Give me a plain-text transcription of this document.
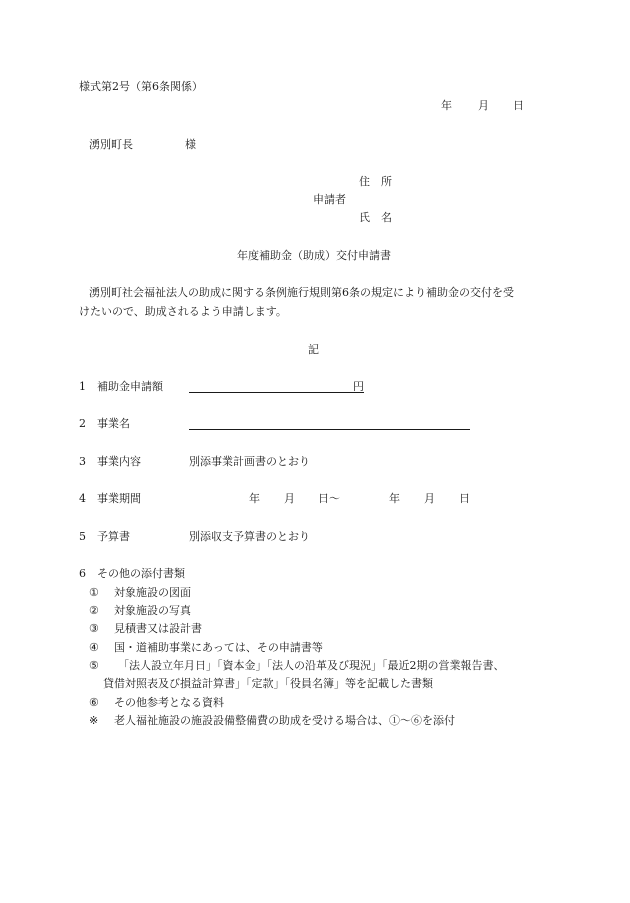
様式第2号（第6条関係）
年 月 日
湧別町長	様
住　所
申請者
氏　名
年度補助金（助成）交付申請書
湧別町社会福祉法人の助成に関する条例施行規則第6条の規定により補助金の交付を受
けたいので、助成されるよう申請します。
記
1 補助金申請額	円
2 事業名
3 事業内容	別添事業計画書のとおり
4 事業期間	年 月 日〜	年 月 日
5 予算書	別添収支予算書のとおり
6 その他の添付書類
① 対象施設の図面
② 対象施設の写真
③ 見積書又は設計書
④ 国・道補助事業にあっては、その申請書等
⑤ 「法人設立年月日」「資本金」「法人の沿革及び現況」「最近2期の営業報告書、
貸借対照表及び損益計算書」「定款」「役員名簿」等を記載した書類
⑥ その他参考となる資料
※ 老人福祉施設の施設設備整備費の助成を受ける場合は、①〜⑥を添付
